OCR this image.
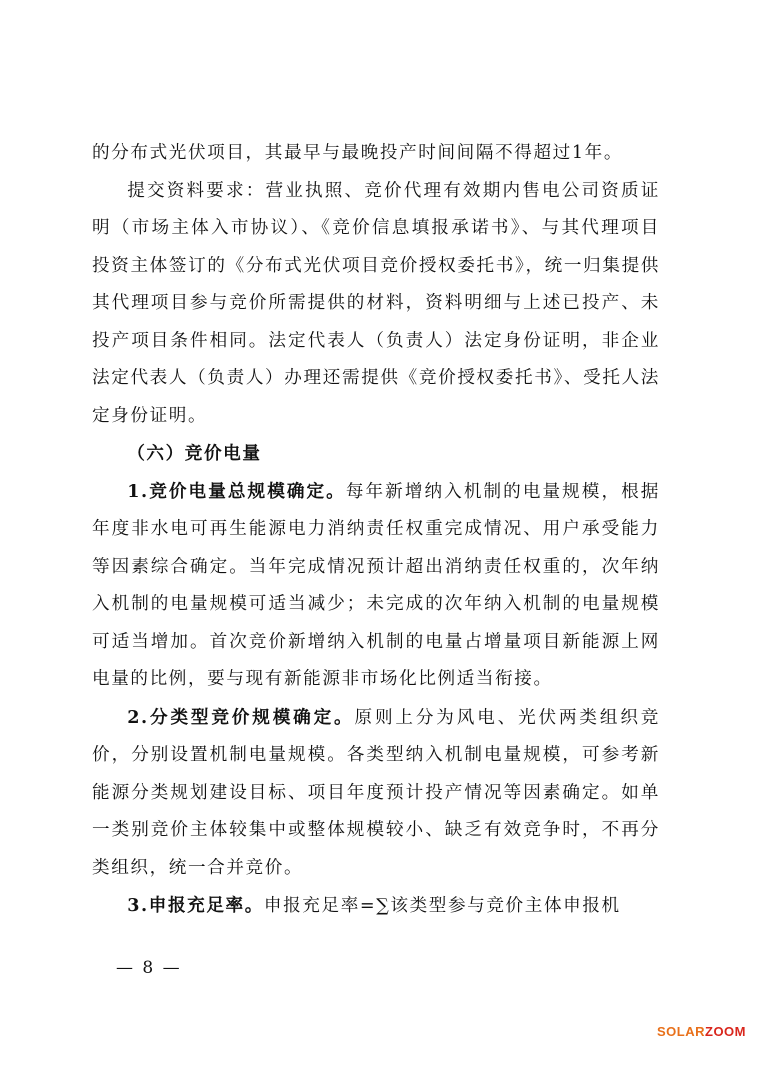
的分布式光伏项目，其最早与最晚投产时间间隔不得超过1年。

提交资料要求：营业执照、竞价代理有效期内售电公司资质证明（市场主体入市协议）、《竞价信息填报承诺书》、与其代理项目投资主体签订的《分布式光伏项目竞价授权委托书》，统一归集提供其代理项目参与竞价所需提供的材料，资料明细与上述已投产、未投产项目条件相同。法定代表人（负责人）法定身份证明，非企业法定代表人（负责人）办理还需提供《竞价授权委托书》、受托人法定身份证明。

（六）竞价电量

1.竞价电量总规模确定。每年新增纳入机制的电量规模，根据年度非水电可再生能源电力消纳责任权重完成情况、用户承受能力等因素综合确定。当年完成情况预计超出消纳责任权重的，次年纳入机制的电量规模可适当减少；未完成的次年纳入机制的电量规模可适当增加。首次竞价新增纳入机制的电量占增量项目新能源上网电量的比例，要与现有新能源非市场化比例适当衔接。

2.分类型竞价规模确定。原则上分为风电、光伏两类组织竞价，分别设置机制电量规模。各类型纳入机制电量规模，可参考新能源分类规划建设目标、项目年度预计投产情况等因素确定。如单一类别竞价主体较集中或整体规模较小、缺乏有效竞争时，不再分类组织，统一合并竞价。

3.申报充足率。申报充足率=∑该类型参与竞价主体申报机

— 8 —
SOLARZOOM
